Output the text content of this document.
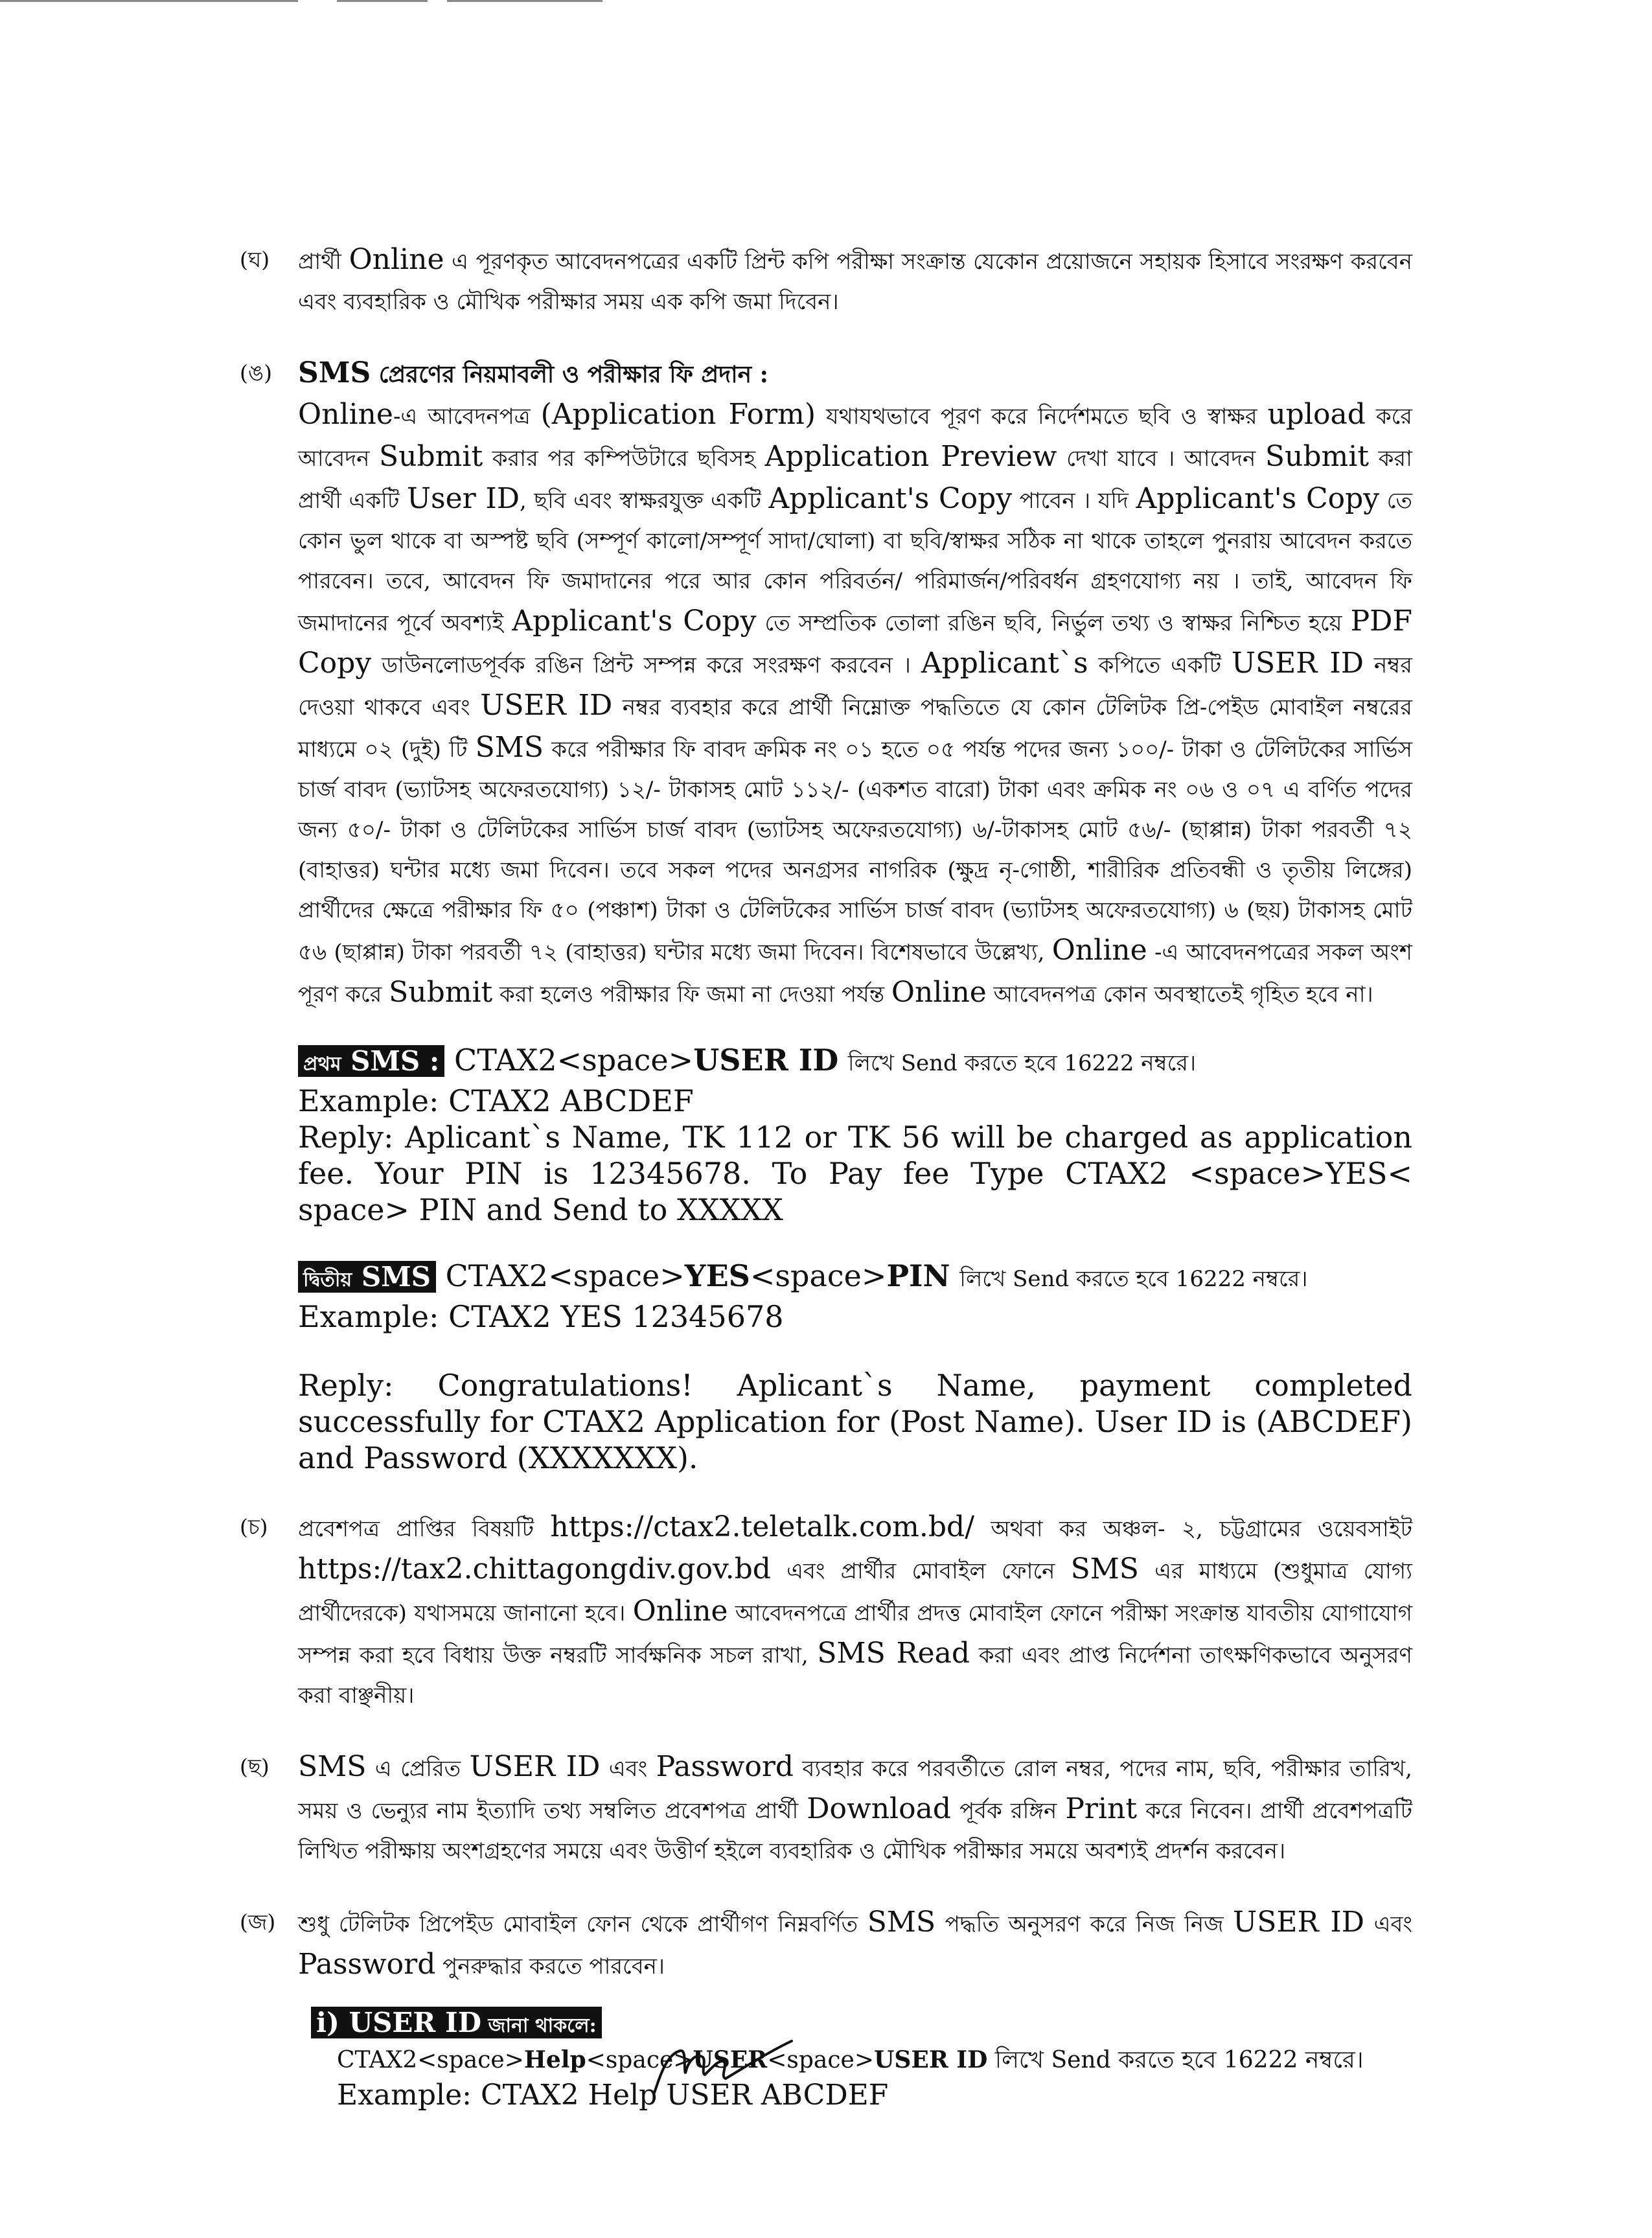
(ঘ)	প্রার্থী Online এ পূরণকৃত আবেদনপত্রের একটি প্রিন্ট কপি পরীক্ষা সংক্রান্ত যেকোন প্রয়োজনে সহায়ক হিসাবে সংরক্ষণ করবেন এবং ব্যবহারিক ও মৌখিক পরীক্ষার সময় এক কপি জমা দিবেন।

(ঙ) SMS প্রেরণের নিয়মাবলী ও পরীক্ষার ফি প্রদান :

Online-এ আবেদনপত্র (Application Form) যথাযথভাবে পূরণ করে নির্দেশমতে ছবি ও স্বাক্ষর upload করে আবেদন Submit করার পর কম্পিউটারে ছবিসহ Application Preview দেখা যাবে । আবেদন Submit করা প্রার্থী একটি User ID, ছবি এবং স্বাক্ষরযুক্ত একটি Applicant's Copy পাবেন । যদি Applicant's Copy তে কোন ভুল থাকে বা অস্পষ্ট ছবি (সম্পূর্ণ কালো/সম্পূর্ণ সাদা/ঘোলা) বা ছবি/স্বাক্ষর সঠিক না থাকে তাহলে পুনরায় আবেদন করতে পারবেন। তবে, আবেদন ফি জমাদানের পরে আর কোন পরিবর্তন/ পরিমার্জন/পরিবর্ধন গ্রহণযোগ্য নয় । তাই, আবেদন ফি জমাদানের পূর্বে অবশ্যই Applicant's Copy তে সম্প্রতিক তোলা রঙিন ছবি, নির্ভুল তথ্য ও স্বাক্ষর নিশ্চিত হয়ে PDF Copy ডাউনলোডপূর্বক রঙিন প্রিন্ট সম্পন্ন করে সংরক্ষণ করবেন । Applicant`s কপিতে একটি USER ID নম্বর দেওয়া থাকবে এবং USER ID নম্বর ব্যবহার করে প্রার্থী নিম্নোক্ত পদ্ধতিতে যে কোন টেলিটক প্রি-পেইড মোবাইল নম্বরের মাধ্যমে ০২ (দুই) টি SMS করে পরীক্ষার ফি বাবদ ক্রমিক নং ০১ হতে ০৫ পর্যন্ত পদের জন্য ১০০/- টাকা ও টেলিটকের সার্ভিস চার্জ বাবদ (ভ্যাটসহ অফেরতযোগ্য) ১২/- টাকাসহ মোট ১১২/- (একশত বারো) টাকা এবং ক্রমিক নং ০৬ ও ০৭ এ বর্ণিত পদের জন্য ৫০/- টাকা ও টেলিটকের সার্ভিস চার্জ বাবদ (ভ্যাটসহ অফেরতযোগ্য) ৬/-টাকাসহ মোট ৫৬/- (ছাপ্পান্ন) টাকা পরবর্তী ৭২ (বাহাত্তর) ঘন্টার মধ্যে জমা দিবেন। তবে সকল পদের অনগ্রসর নাগরিক (ক্ষুদ্র নৃ-গোষ্ঠী, শারীরিক প্রতিবন্ধী ও তৃতীয় লিঙ্গের) প্রার্থীদের ক্ষেত্রে পরীক্ষার ফি ৫০ (পঞ্চাশ) টাকা ও টেলিটকের সার্ভিস চার্জ বাবদ (ভ্যাটসহ অফেরতযোগ্য) ৬ (ছয়) টাকাসহ মোট ৫৬ (ছাপ্পান্ন) টাকা পরবর্তী ৭২ (বাহাত্তর) ঘন্টার মধ্যে জমা দিবেন। বিশেষভাবে উল্লেখ্য, Online -এ আবেদনপত্রের সকল অংশ পূরণ করে Submit করা হলেও পরীক্ষার ফি জমা না দেওয়া পর্যন্ত Online আবেদনপত্র কোন অবস্থাতেই গৃহিত হবে না।

প্রথম SMS : CTAX2<space>USER ID লিখে Send করতে হবে 16222 নম্বরে।

Example: CTAX2 ABCDEF

Reply: Aplicant`s Name, TK 112 or TK 56 will be charged as application fee. Your PIN is 12345678. To Pay fee Type CTAX2 <space>YES< space> PIN and Send to XXXXX

দ্বিতীয় SMS CTAX2<space>YES<space>PIN লিখে Send করতে হবে 16222 নম্বরে।

Example: CTAX2 YES 12345678

Reply: Congratulations! Aplicant`s Name, payment completed successfully for CTAX2 Application for (Post Name). User ID is (ABCDEF) and Password (XXXXXXX).

(চ)	প্রবেশপত্র প্রাপ্তির বিষয়টি https://ctax2.teletalk.com.bd/ অথবা কর অঞ্চল- ২, চট্টগ্রামের ওয়েবসাইট https://tax2.chittagongdiv.gov.bd এবং প্রার্থীর মোবাইল ফোনে SMS এর মাধ্যমে (শুধুমাত্র যোগ্য প্রার্থীদেরকে) যথাসময়ে জানানো হবে। Online আবেদনপত্রে প্রার্থীর প্রদত্ত মোবাইল ফোনে পরীক্ষা সংক্রান্ত যাবতীয় যোগাযোগ সম্পন্ন করা হবে বিধায় উক্ত নম্বরটি সার্বক্ষনিক সচল রাখা, SMS Read করা এবং প্রাপ্ত নির্দেশনা তাৎক্ষণিকভাবে অনুসরণ করা বাঞ্ছনীয়।

(ছ)	SMS এ প্রেরিত USER ID এবং Password ব্যবহার করে পরবর্তীতে রোল নম্বর, পদের নাম, ছবি, পরীক্ষার তারিখ, সময় ও ভেন্যুর নাম ইত্যাদি তথ্য সম্বলিত প্রবেশপত্র প্রার্থী Download পূর্বক রঙ্গিন Print করে নিবেন। প্রার্থী প্রবেশপত্রটি লিখিত পরীক্ষায় অংশগ্রহণের সময়ে এবং উত্তীর্ণ হইলে ব্যবহারিক ও মৌখিক পরীক্ষার সময়ে অবশ্যই প্রদর্শন করবেন।

(জ)	শুধু টেলিটক প্রিপেইড মোবাইল ফোন থেকে প্রার্থীগণ নিম্নবর্ণিত SMS পদ্ধতি অনুসরণ করে নিজ নিজ USER ID এবং Password পুনরুদ্ধার করতে পারবেন।

i) USER ID জানা থাকলে:

CTAX2<space>Help<space>USER<space>USER ID লিখে Send করতে হবে 16222 নম্বরে।

Example: CTAX2 Help USER ABCDEF
